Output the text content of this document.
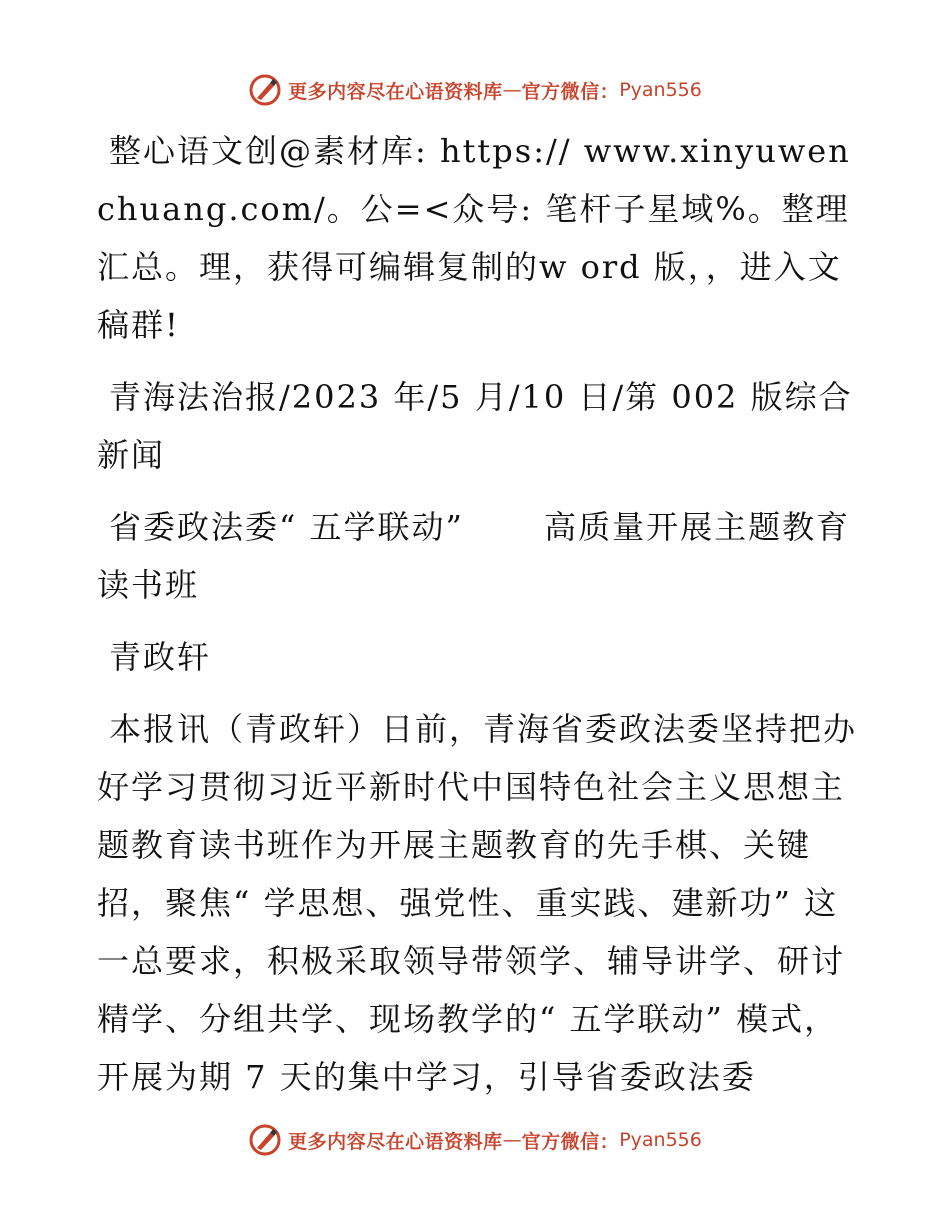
更多内容尽在心语资料库 — 官方微信： Pyan556

整心语文创@素材库: https:// www.xinyuwenchuang.com/。公=<众号: 笔杆子星域%。整理汇总。理，获得可编辑复制的w ord 版，，进入文稿群!

青海法治报/2023 年/5 月/10 日/第 002 版综合新闻

省委政法委“ 五学联动”　　 高质量开展主题教育读书班

青政轩

本报讯（青政轩）日前，青海省委政法委坚持把办好学习贯彻习近平新时代中国特色社会主义思想主题教育读书班作为开展主题教育的先手棋、关键招，聚焦“ 学思想、强党性、重实践、建新功” 这一总要求，积极采取领导带领学、辅导讲学、研讨精学、分组共学、现场教学的“ 五学联动” 模式，开展为期 7 天的集中学习，引导省委政法委

更多内容尽在心语资料库 — 官方微信： Pyan556
